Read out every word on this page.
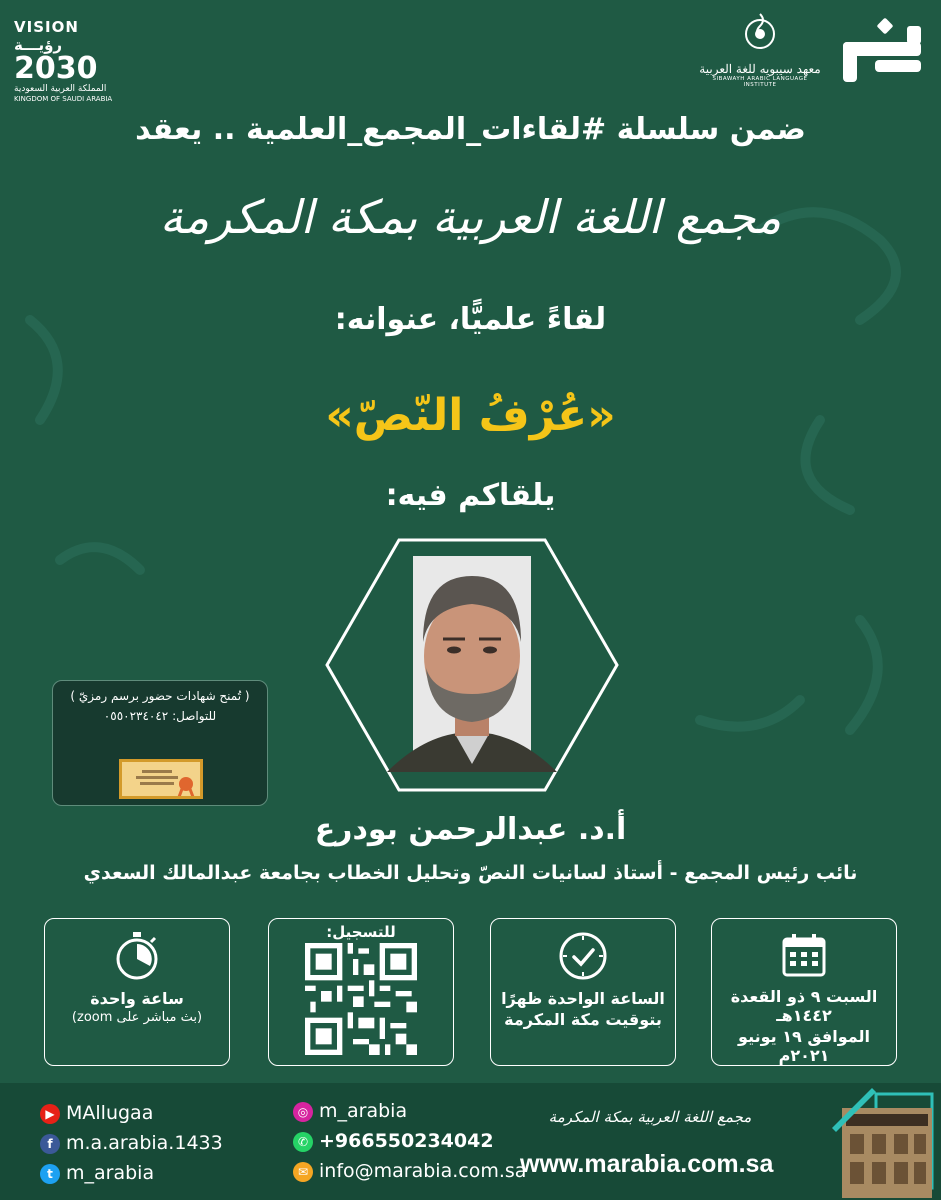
VISION رؤيـــة
2030
المملكة العربية السعودية
KINGDOM OF SAUDI ARABIA
معهد سيبويه للغة العربية
SIBAWAYH ARABIC LANGUAGE INSTITUTE
ضمن سلسلة #لقاءات_المجمع_العلمية .. يعقد
مجمع اللغة العربية بمكة المكرمة
لقاءً علميًّا، عنوانه:
«عُرْفُ النّصّ»
يلقاكم فيه:
( تُمنح شهادات حضور برسم رمزيّ )
للتواصل: ٠٥٥٠٢٣٤٠٤٢
أ.د. عبدالرحمن بودرع
نائب رئيس المجمع - أستاذ لسانيات النصّ وتحليل الخطاب بجامعة عبدالمالك السعدي
السبت ٩ ذو القعدة ١٤٤٢هـ
الموافق ١٩ يونيو ٢٠٢١م
الساعة الواحدة ظهرًا
بتوقيت مكة المكرمة
للتسجيل:
ساعة واحدة
(بث مباشر على zoom)
▶ MAllugaa
f m.a.arabia.1433
t m_arabia
◎ m_arabia
✆ +966550234042
✉ info@marabia.com.sa
مجمع اللغة العربية بمكة المكرمة
www.marabia.com.sa
